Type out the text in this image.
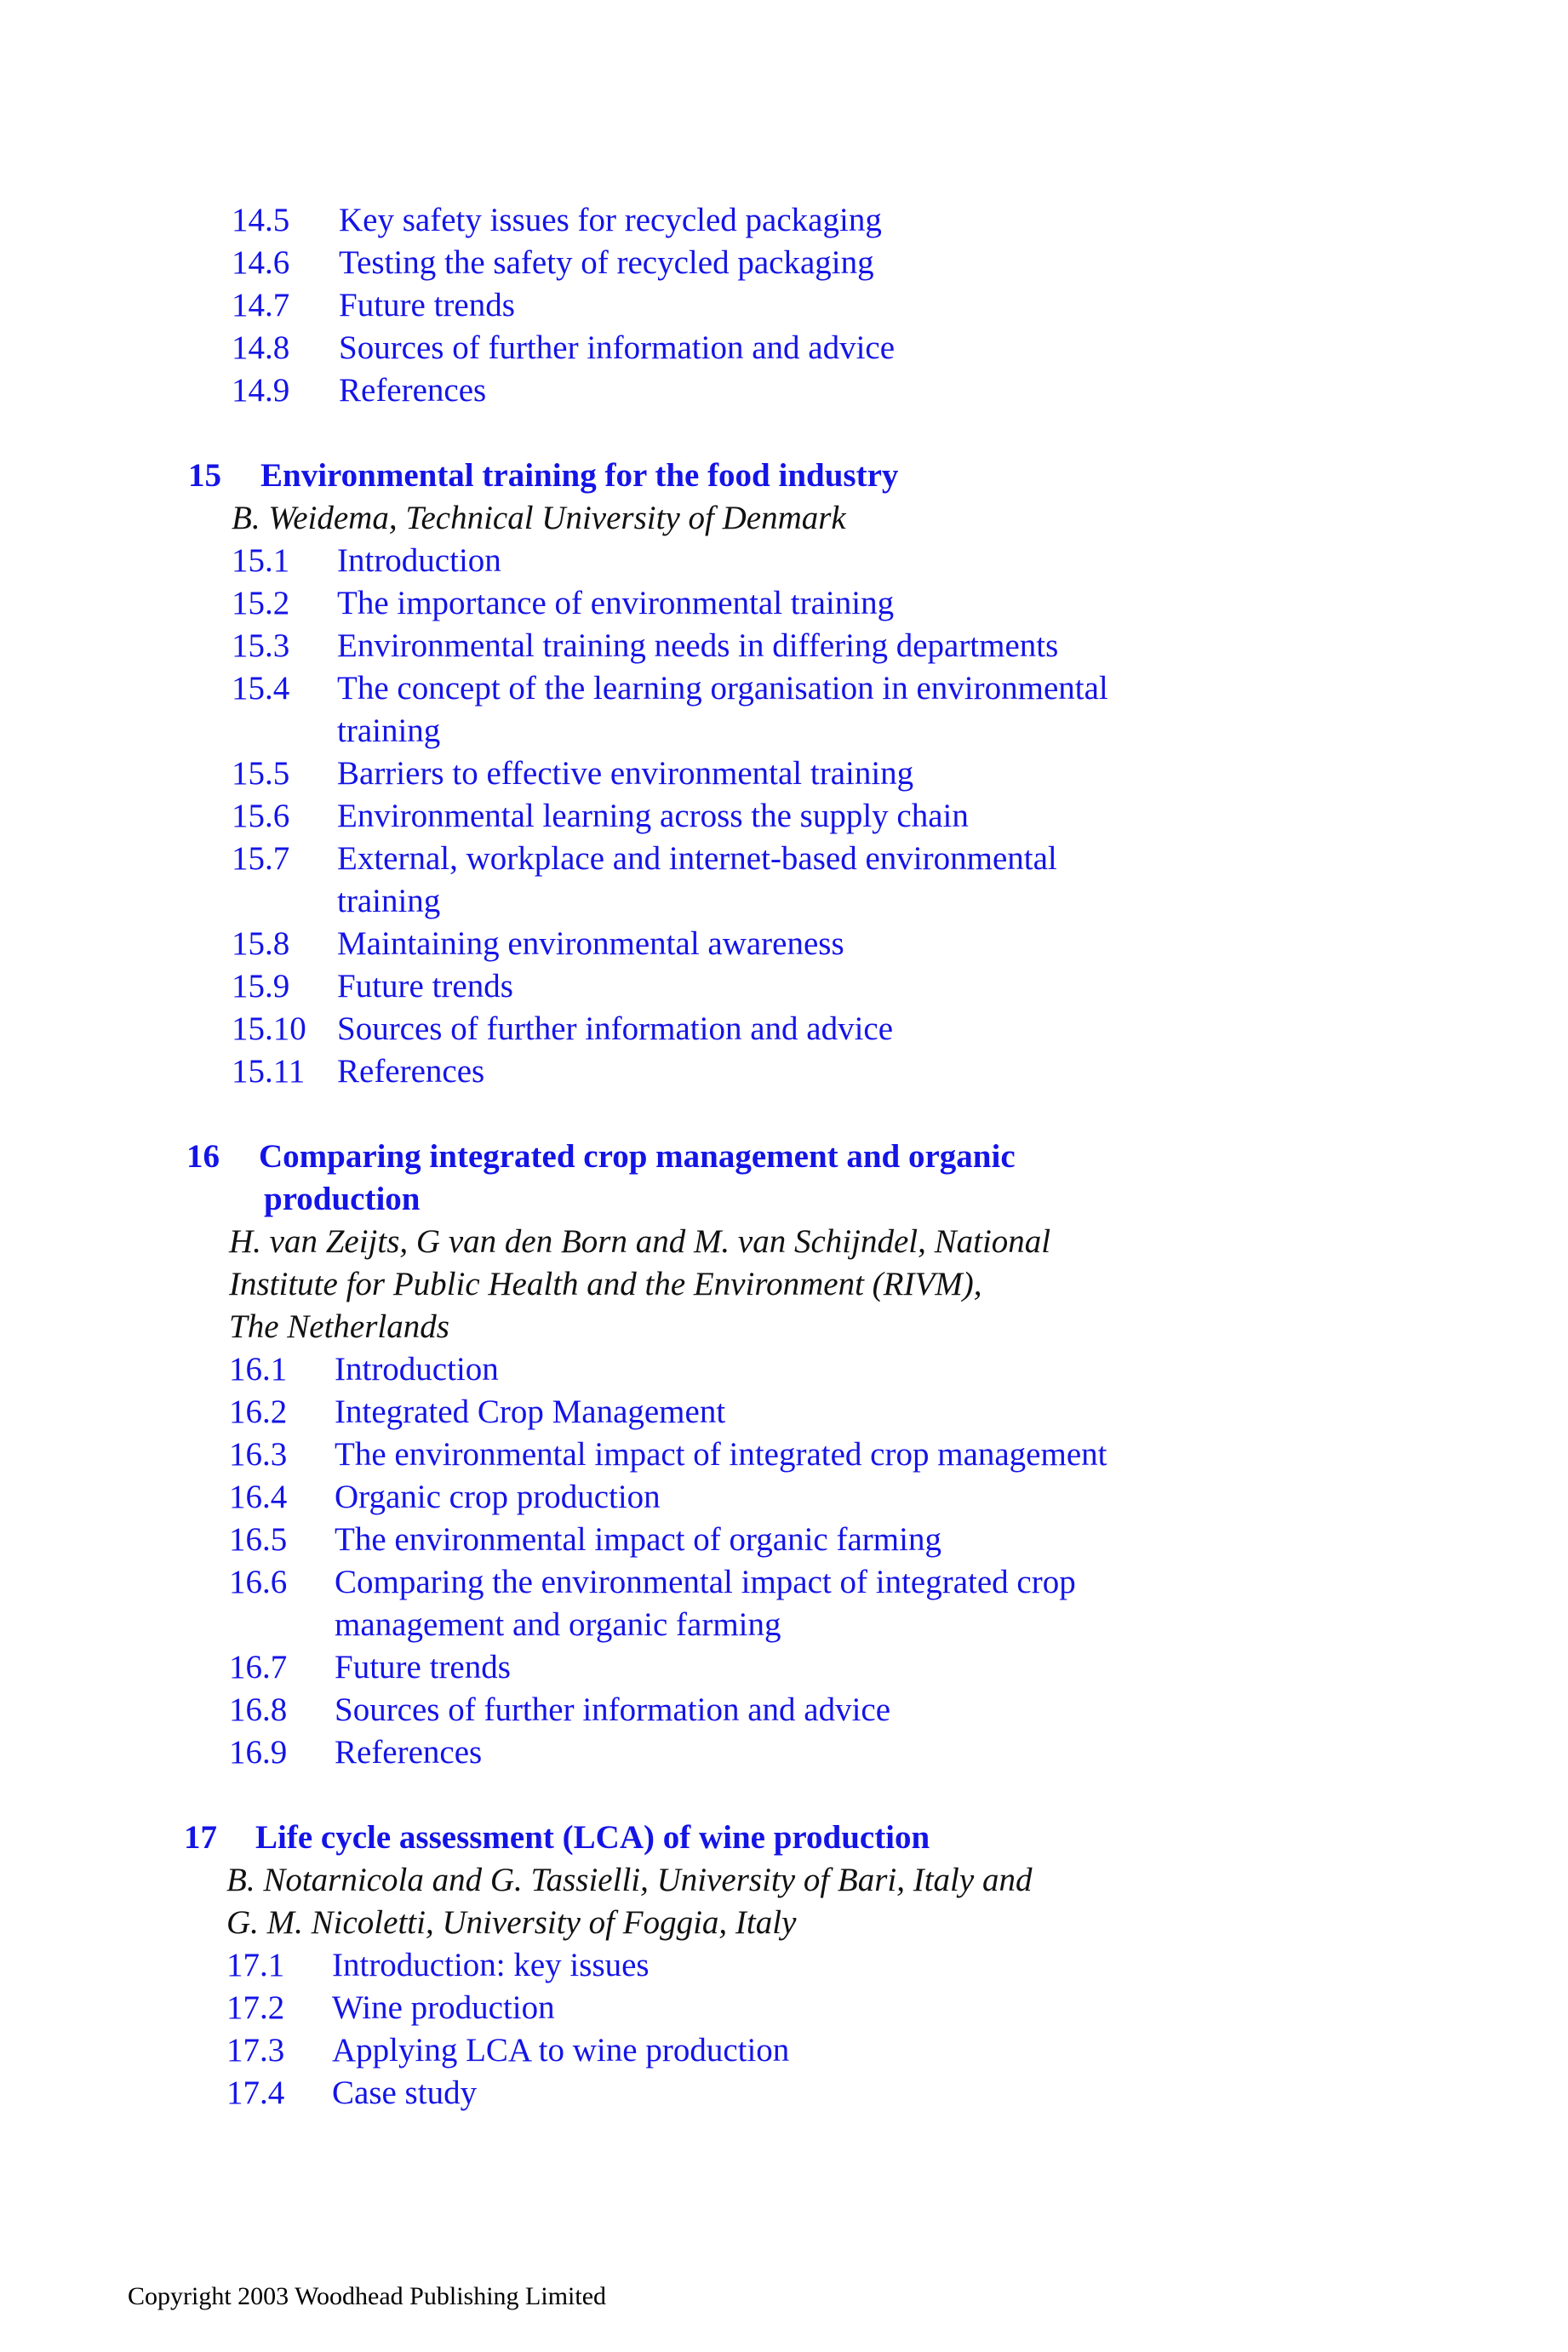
14.5 Key safety issues for recycled packaging
14.6 Testing the safety of recycled packaging
14.7 Future trends
14.8 Sources of further information and advice
14.9 References
15 Environmental training for the food industry
B. Weidema, Technical University of Denmark
15.1 Introduction
15.2 The importance of environmental training
15.3 Environmental training needs in differing departments
15.4 The concept of the learning organisation in environmental
training
15.5 Barriers to effective environmental training
15.6 Environmental learning across the supply chain
15.7 External, workplace and internet-based environmental
training
15.8 Maintaining environmental awareness
15.9 Future trends
15.10 Sources of further information and advice
15.11 References
16 Comparing integrated crop management and organic
production
H. van Zeijts, G van den Born and M. van Schijndel, National
Institute for Public Health and the Environment (RIVM),
The Netherlands
16.1 Introduction
16.2 Integrated Crop Management
16.3 The environmental impact of integrated crop management
16.4 Organic crop production
16.5 The environmental impact of organic farming
16.6 Comparing the environmental impact of integrated crop
management and organic farming
16.7 Future trends
16.8 Sources of further information and advice
16.9 References
17 Life cycle assessment (LCA) of wine production
B. Notarnicola and G. Tassielli, University of Bari, Italy and
G. M. Nicoletti, University of Foggia, Italy
17.1 Introduction: key issues
17.2 Wine production
17.3 Applying LCA to wine production
17.4 Case study
Copyright 2003 Woodhead Publishing Limited
